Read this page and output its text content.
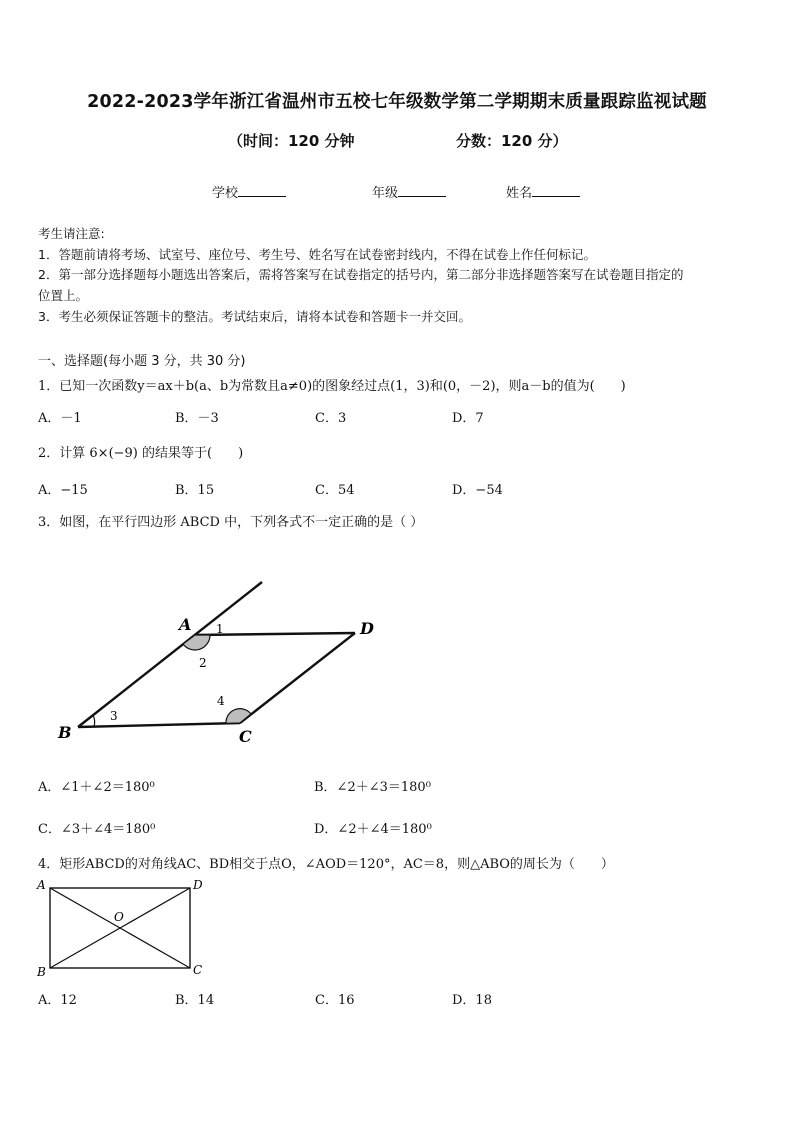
2022-2023学年浙江省温州市五校七年级数学第二学期期末质量跟踪监视试题
（时间：120 分钟	分数：120 分）
学校	年级	姓名
考生请注意:
1．答题前请将考场、试室号、座位号、考生号、姓名写在试卷密封线内，不得在试卷上作任何标记。
2．第一部分选择题每小题选出答案后，需将答案写在试卷指定的括号内，第二部分非选择题答案写在试卷题目指定的
位置上。
3．考生必须保证答题卡的整洁。考试结束后，请将本试卷和答题卡一并交回。
一、选择题(每小题 3 分，共 30 分)
1．已知一次函数y＝ax＋b(a、b为常数且a≠0)的图象经过点(1，3)和(0，－2)，则a－b的值为(　　)
A．－1	B．－3	C．3	D．7
2．计算 6×(−9) 的结果等于(　　)
A．−15	B．15	C．54	D．−54
3．如图，在平行四边形 ABCD 中，下列各式不一定正确的是（ ）
A
B	C
D
1
2
3
4
A．∠1＋∠2＝180⁰	B．∠2＋∠3＝180⁰
C．∠3＋∠4＝180⁰	D．∠2＋∠4＝180⁰
4．矩形ABCD的对角线AC、BD相交于点O，∠AOD＝120°，AC＝8，则△ABO的周长为（　　）
A	D
O
B	C
A．12	B．14	C．16	D．18
